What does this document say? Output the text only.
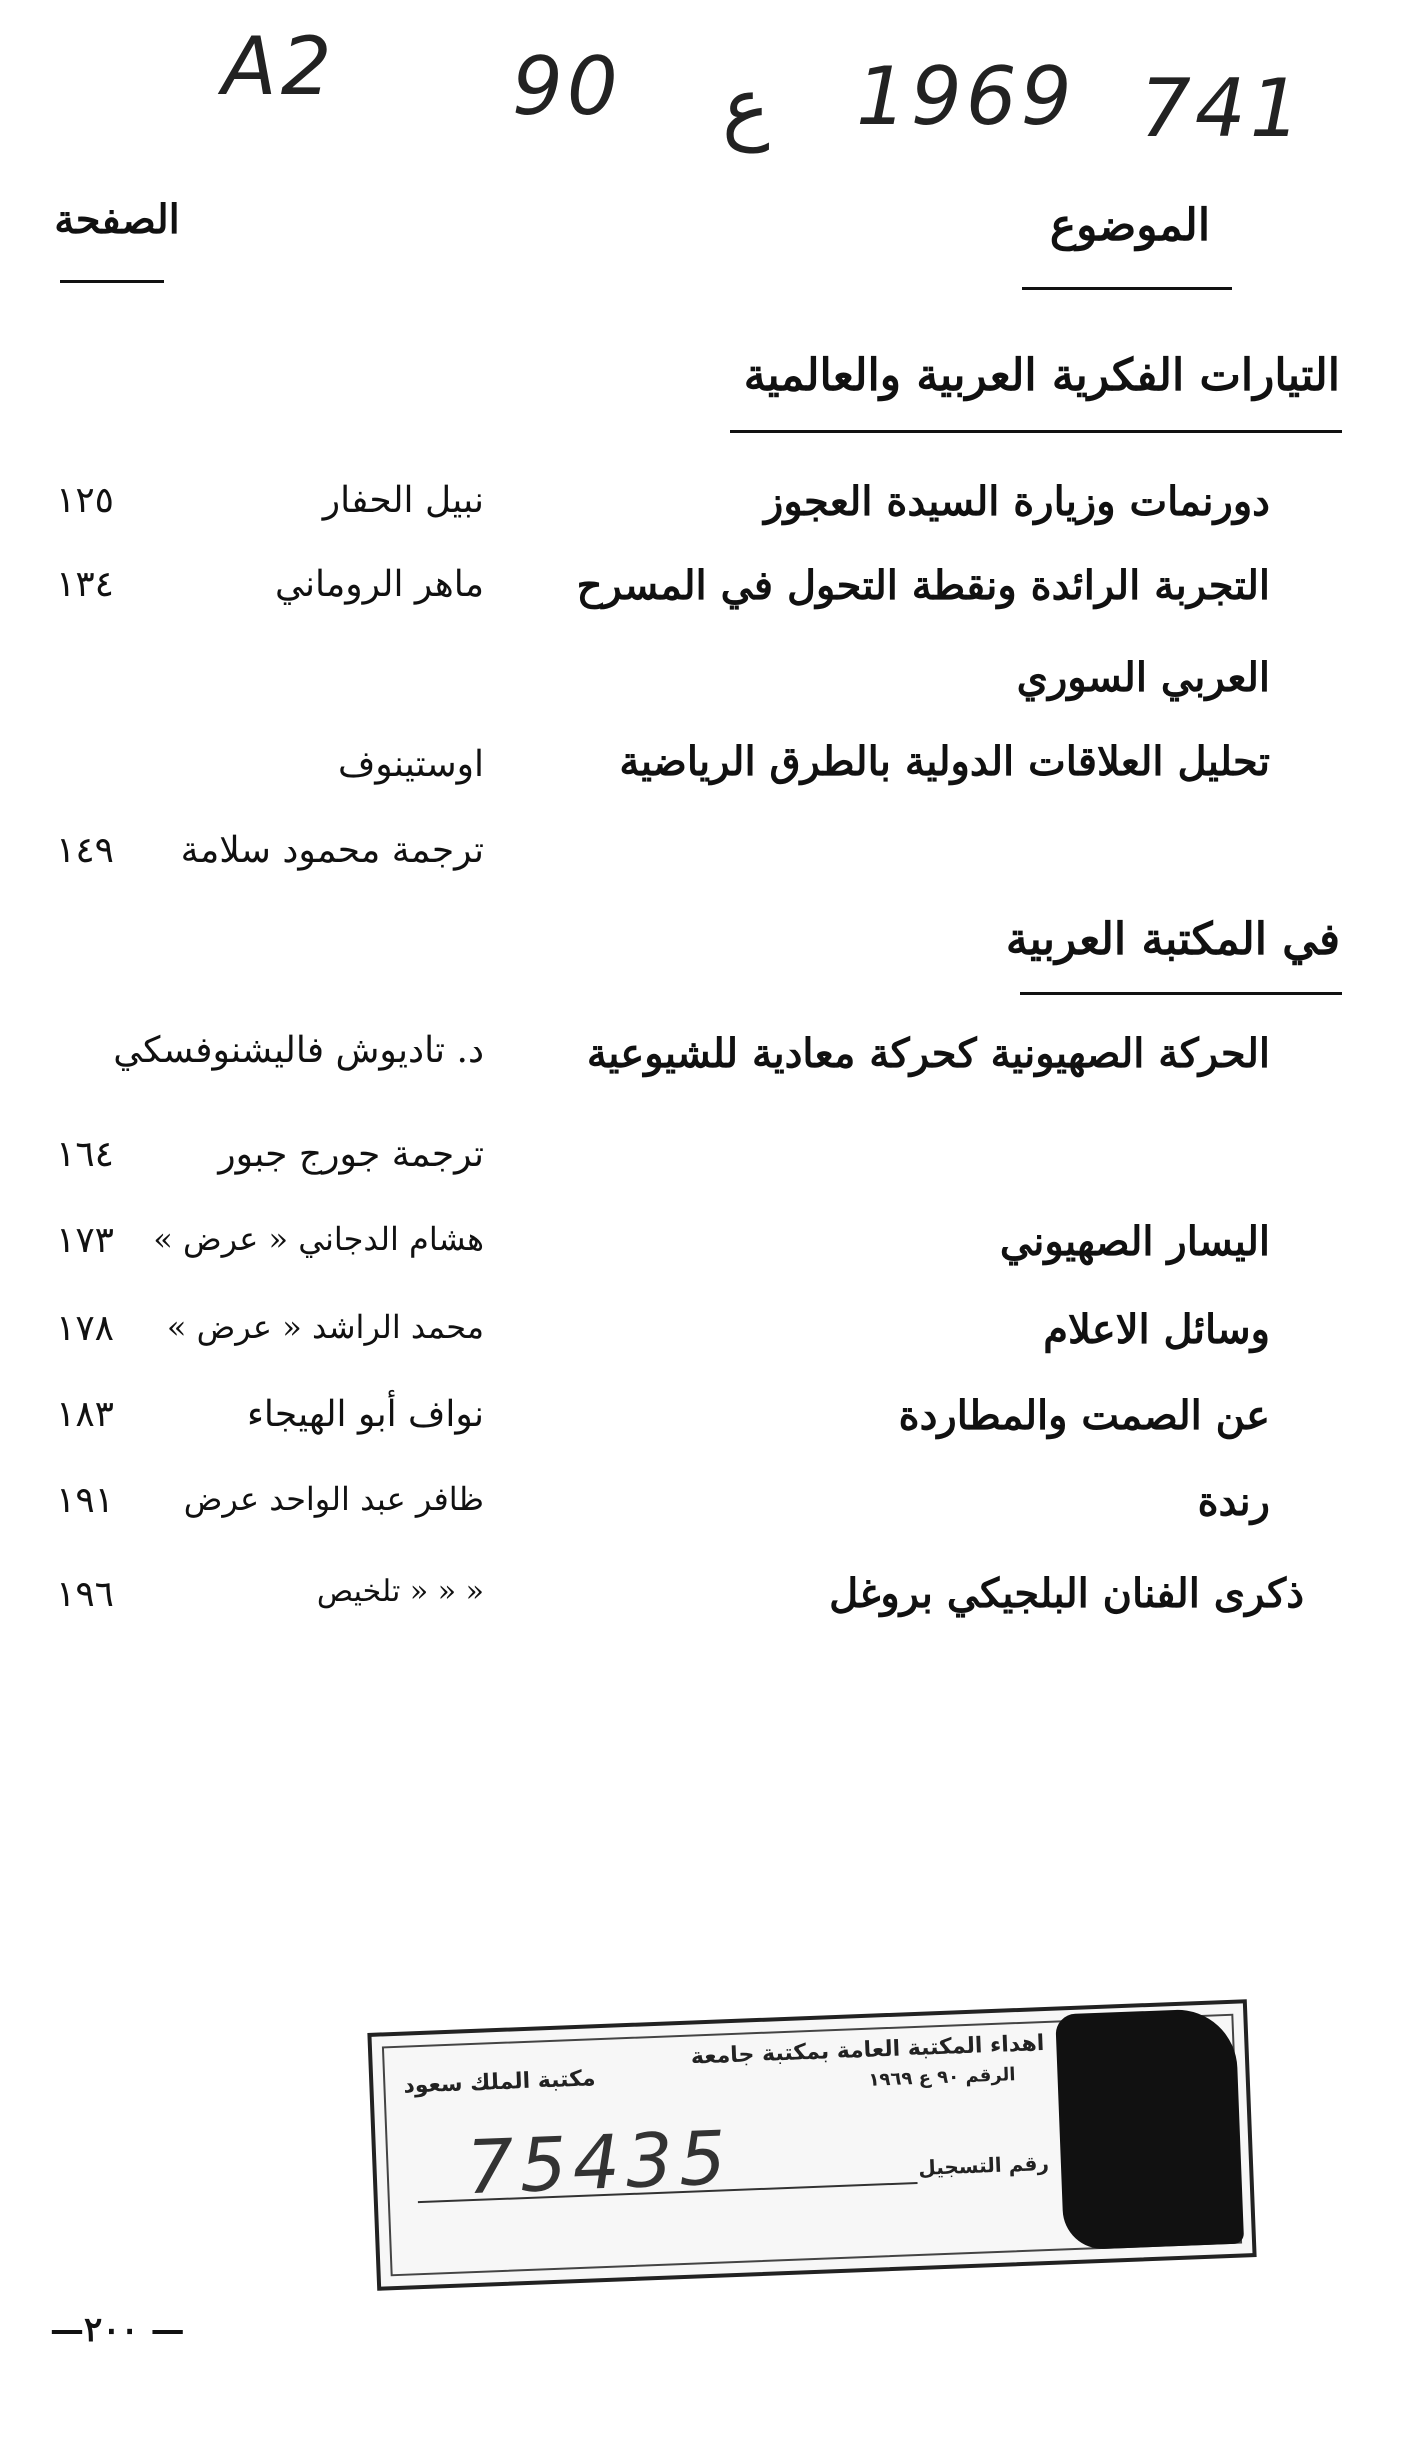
A2 90 ع 1969 741
الموضوع
الصفحة
التيارات الفكرية العربية والعالمية
دورنمات وزيارة السيدة العجوز
نبيل الحفار
١٢٥
التجربة الرائدة ونقطة التحول في المسرح
ماهر الروماني
١٣٤
العربي السوري
تحليل العلاقات الدولية بالطرق الرياضية
اوستينوف
ترجمة محمود سلامة
١٤٩
في المكتبة العربية
الحركة الصهيونية كحركة معادية للشيوعية
د. تاديوش فاليشنوفسكي
ترجمة جورج جبور
١٦٤
اليسار الصهيوني
هشام الدجاني « عرض »
١٧٣
وسائل الاعلام
محمد الراشد « عرض »
١٧٨
عن الصمت والمطاردة
نواف أبو الهيجاء
١٨٣
رندة
ظافر عبد الواحد عرض
١٩١
ذكرى الفنان البلجيكي بروغل
« « « تلخيص
١٩٦
اهداء المكتبة العامة بمكتبة جامعة
الرقم ٩٠ ع ١٩٦٩
مكتبة الملك سعود
رقم التسجيل
75435
—٢٠٠ —
